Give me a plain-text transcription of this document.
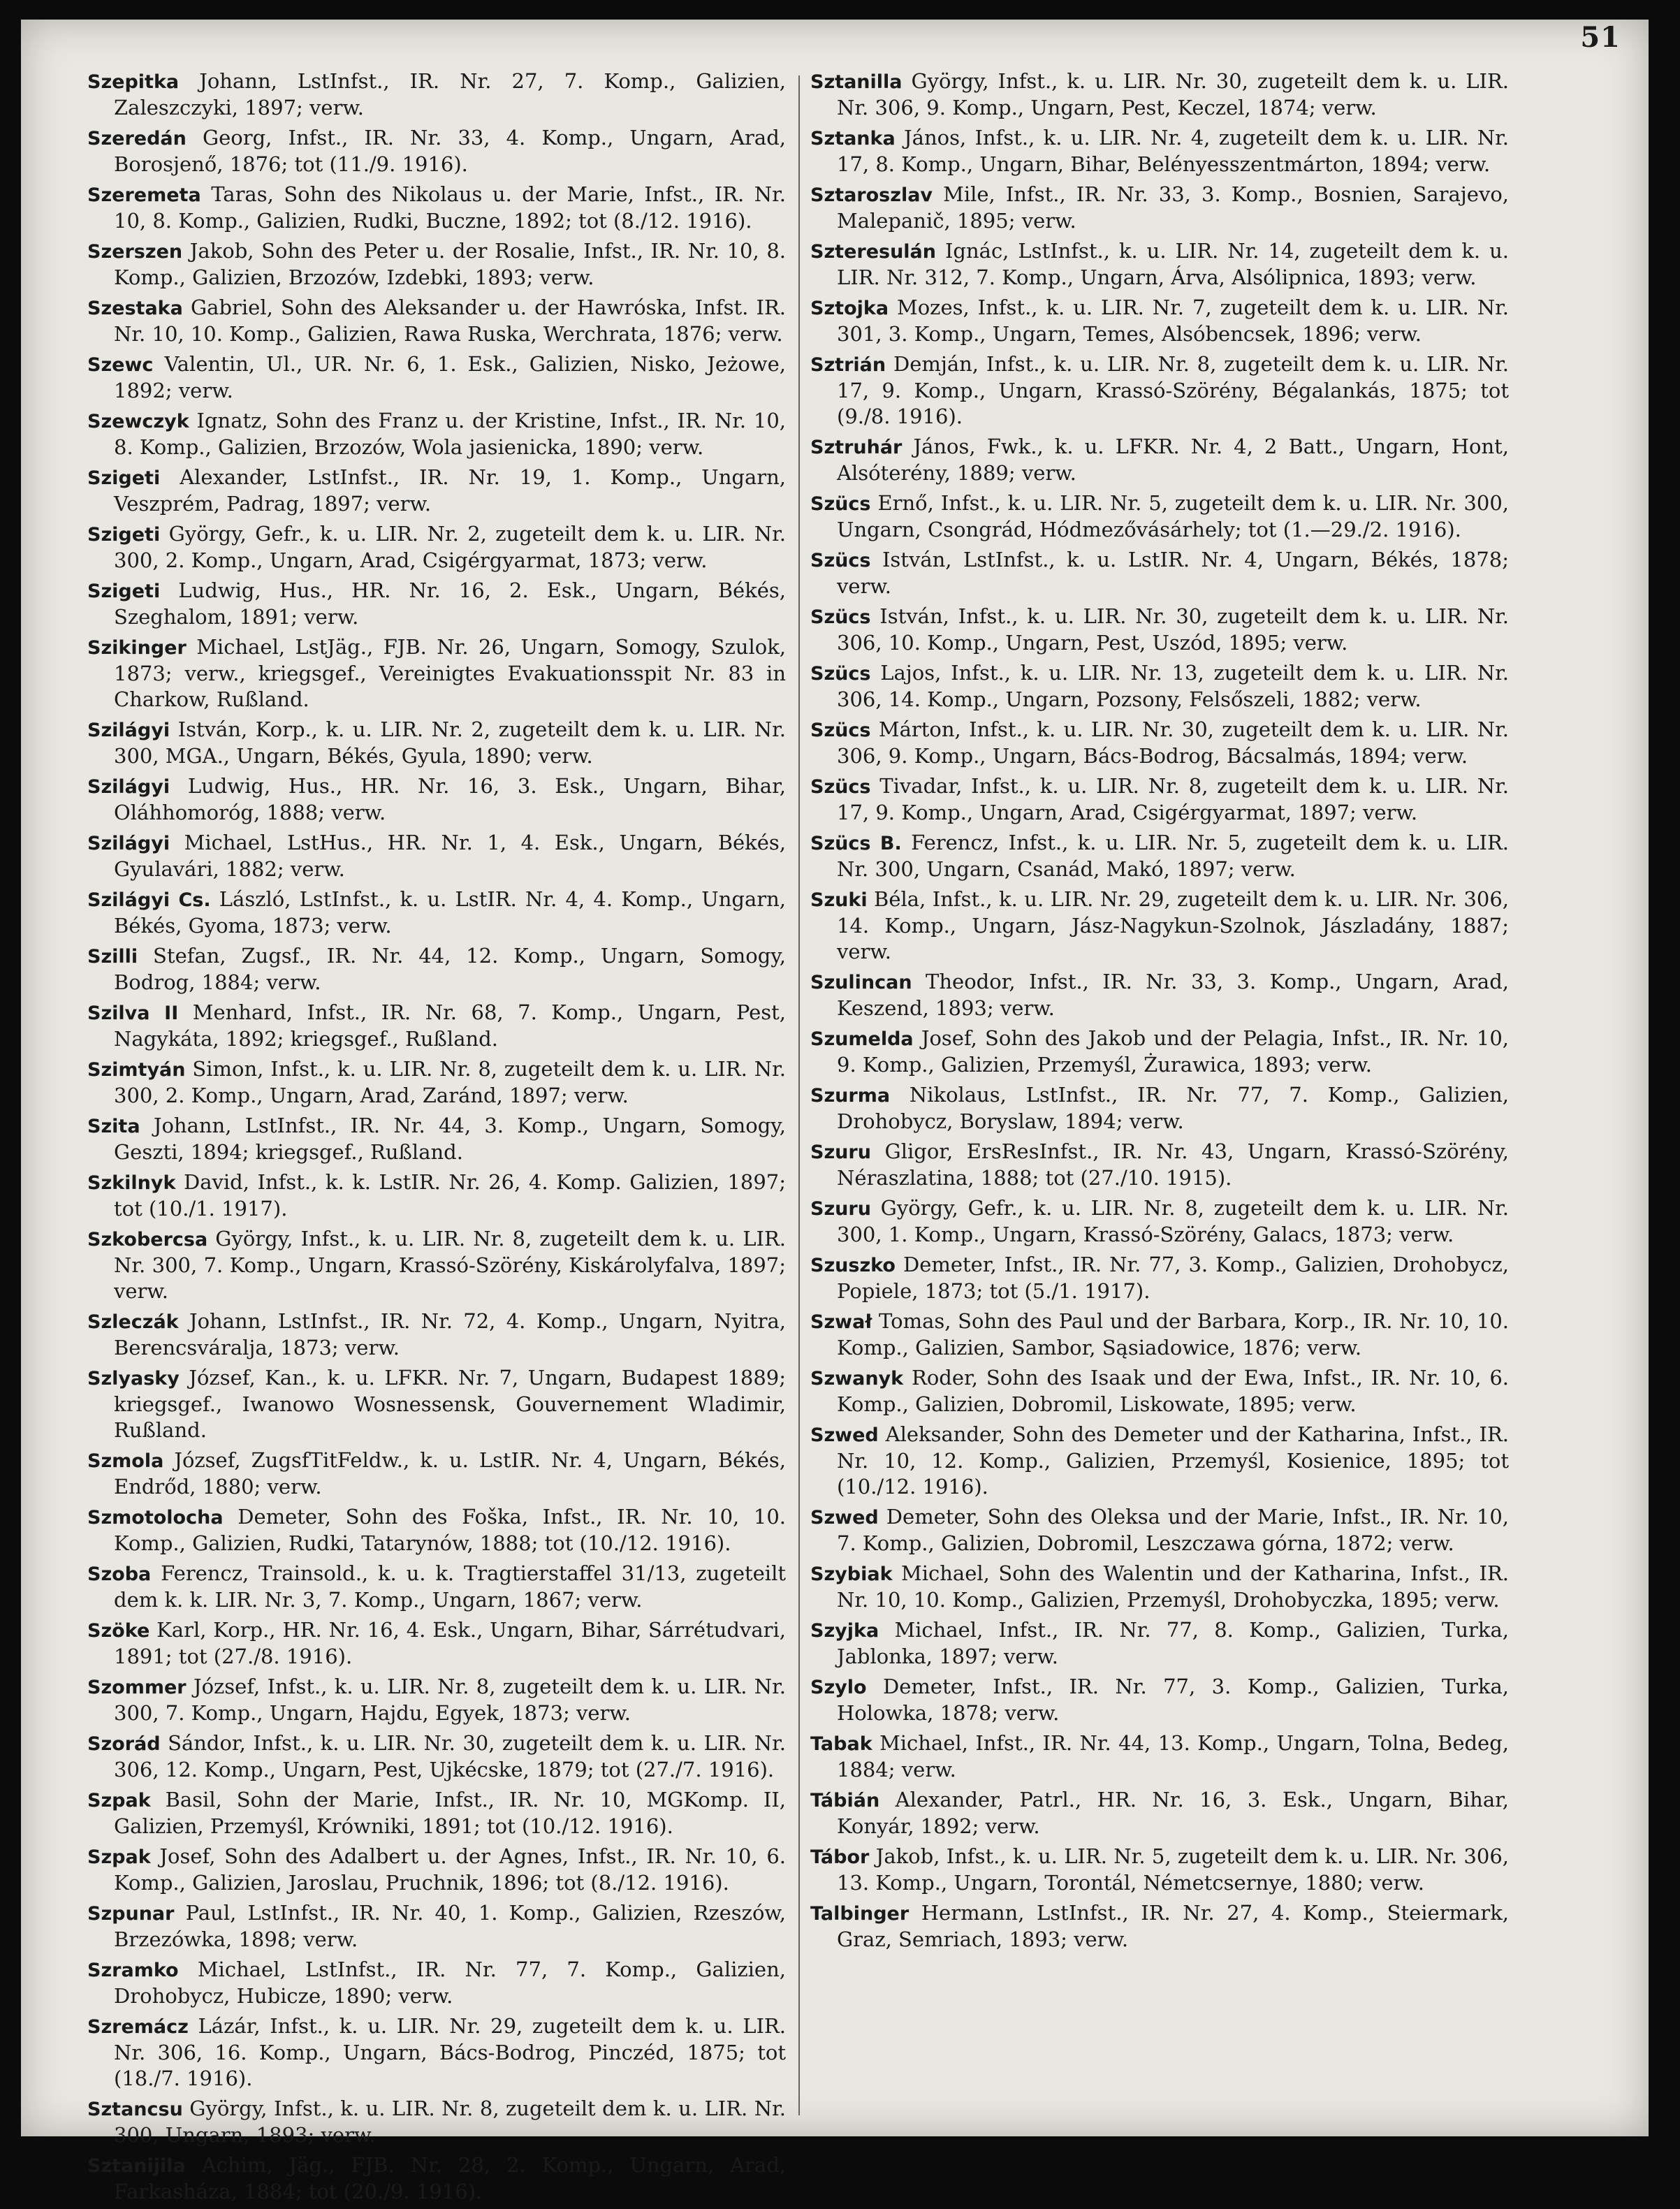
51

Szepitka Johann, LstInfst., IR. Nr. 27, 7. Komp., Galizien, Zaleszczyki, 1897; verw.

Szeredán Georg, Infst., IR. Nr. 33, 4. Komp., Ungarn, Arad, Borosjenő, 1876; tot (11./9. 1916).

Szeremeta Taras, Sohn des Nikolaus u. der Marie, Infst., IR. Nr. 10, 8. Komp., Galizien, Rudki, Buczne, 1892; tot (8./12. 1916).

Szerszen Jakob, Sohn des Peter u. der Rosalie, Infst., IR. Nr. 10, 8. Komp., Galizien, Brzozów, Izdebki, 1893; verw.

Szestaka Gabriel, Sohn des Aleksander u. der Hawróska, Infst. IR. Nr. 10, 10. Komp., Galizien, Rawa Ruska, Werchrata, 1876; verw.

Szewc Valentin, Ul., UR. Nr. 6, 1. Esk., Galizien, Nisko, Jeżowe, 1892; verw.

Szewczyk Ignatz, Sohn des Franz u. der Kristine, Infst., IR. Nr. 10, 8. Komp., Galizien, Brzozów, Wola jasienicka, 1890; verw.

Szigeti Alexander, LstInfst., IR. Nr. 19, 1. Komp., Ungarn, Veszprém, Padrag, 1897; verw.

Szigeti György, Gefr., k. u. LIR. Nr. 2, zugeteilt dem k. u. LIR. Nr. 300, 2. Komp., Ungarn, Arad, Csigérgyarmat, 1873; verw.

Szigeti Ludwig, Hus., HR. Nr. 16, 2. Esk., Ungarn, Békés, Szeghalom, 1891; verw.

Szikinger Michael, LstJäg., FJB. Nr. 26, Ungarn, Somogy, Szulok, 1873; verw., kriegsgef., Vereinigtes Evakuationsspit Nr. 83 in Charkow, Rußland.

Szilágyi István, Korp., k. u. LIR. Nr. 2, zugeteilt dem k. u. LIR. Nr. 300, MGA., Ungarn, Békés, Gyula, 1890; verw.

Szilágyi Ludwig, Hus., HR. Nr. 16, 3. Esk., Ungarn, Bihar, Oláhhomoróg, 1888; verw.

Szilágyi Michael, LstHus., HR. Nr. 1, 4. Esk., Ungarn, Békés, Gyulavári, 1882; verw.

Szilágyi Cs. László, LstInfst., k. u. LstIR. Nr. 4, 4. Komp., Ungarn, Békés, Gyoma, 1873; verw.

Szilli Stefan, Zugsf., IR. Nr. 44, 12. Komp., Ungarn, Somogy, Bodrog, 1884; verw.

Szilva II Menhard, Infst., IR. Nr. 68, 7. Komp., Ungarn, Pest, Nagykáta, 1892; kriegsgef., Rußland.

Szimtyán Simon, Infst., k. u. LIR. Nr. 8, zugeteilt dem k. u. LIR. Nr. 300, 2. Komp., Ungarn, Arad, Zaránd, 1897; verw.

Szita Johann, LstInfst., IR. Nr. 44, 3. Komp., Ungarn, Somogy, Geszti, 1894; kriegsgef., Rußland.

Szkilnyk David, Infst., k. k. LstIR. Nr. 26, 4. Komp. Galizien, 1897; tot (10./1. 1917).

Szkobercsa György, Infst., k. u. LIR. Nr. 8, zugeteilt dem k. u. LIR. Nr. 300, 7. Komp., Ungarn, Krassó-Szörény, Kiskárolyfalva, 1897; verw.

Szleczák Johann, LstInfst., IR. Nr. 72, 4. Komp., Ungarn, Nyitra, Berencsváralja, 1873; verw.

Szlyasky József, Kan., k. u. LFKR. Nr. 7, Ungarn, Budapest 1889; kriegsgef., Iwanowo Wosnessensk, Gouvernement Wladimir, Rußland.

Szmola József, ZugsfTitFeldw., k. u. LstIR. Nr. 4, Ungarn, Békés, Endrőd, 1880; verw.

Szmotolocha Demeter, Sohn des Foška, Infst., IR. Nr. 10, 10. Komp., Galizien, Rudki, Tatarynów, 1888; tot (10./12. 1916).

Szoba Ferencz, Trainsold., k. u. k. Tragtierstaffel 31/13, zugeteilt dem k. k. LIR. Nr. 3, 7. Komp., Ungarn, 1867; verw.

Szöke Karl, Korp., HR. Nr. 16, 4. Esk., Ungarn, Bihar, Sárrétudvari, 1891; tot (27./8. 1916).

Szommer József, Infst., k. u. LIR. Nr. 8, zugeteilt dem k. u. LIR. Nr. 300, 7. Komp., Ungarn, Hajdu, Egyek, 1873; verw.

Szorád Sándor, Infst., k. u. LIR. Nr. 30, zugeteilt dem k. u. LIR. Nr. 306, 12. Komp., Ungarn, Pest, Ujkécske, 1879; tot (27./7. 1916).

Szpak Basil, Sohn der Marie, Infst., IR. Nr. 10, MGKomp. II, Galizien, Przemyśl, Krówniki, 1891; tot (10./12. 1916).

Szpak Josef, Sohn des Adalbert u. der Agnes, Infst., IR. Nr. 10, 6. Komp., Galizien, Jaroslau, Pruchnik, 1896; tot (8./12. 1916).

Szpunar Paul, LstInfst., IR. Nr. 40, 1. Komp., Galizien, Rzeszów, Brzezówka, 1898; verw.

Szramko Michael, LstInfst., IR. Nr. 77, 7. Komp., Galizien, Drohobycz, Hubicze, 1890; verw.

Szremácz Lázár, Infst., k. u. LIR. Nr. 29, zugeteilt dem k. u. LIR. Nr. 306, 16. Komp., Ungarn, Bács-Bodrog, Pinczéd, 1875; tot (18./7. 1916).

Sztancsu György, Infst., k. u. LIR. Nr. 8, zugeteilt dem k. u. LIR. Nr. 300, Ungarn, 1893; verw.

Sztanijila Achim, Jäg., FJB. Nr. 28, 2. Komp., Ungarn, Arad, Farkasháza, 1884; tot (20./9. 1916).

Sztanilla György, Infst., k. u. LIR. Nr. 30, zugeteilt dem k. u. LIR. Nr. 306, 9. Komp., Ungarn, Pest, Keczel, 1874; verw.

Sztanka János, Infst., k. u. LIR. Nr. 4, zugeteilt dem k. u. LIR. Nr. 17, 8. Komp., Ungarn, Bihar, Belényesszentmárton, 1894; verw.

Sztaroszlav Mile, Infst., IR. Nr. 33, 3. Komp., Bosnien, Sarajevo, Malepanič, 1895; verw.

Szteresulán Ignác, LstInfst., k. u. LIR. Nr. 14, zugeteilt dem k. u. LIR. Nr. 312, 7. Komp., Ungarn, Árva, Alsólipnica, 1893; verw.

Sztojka Mozes, Infst., k. u. LIR. Nr. 7, zugeteilt dem k. u. LIR. Nr. 301, 3. Komp., Ungarn, Temes, Alsóbencsek, 1896; verw.

Sztrián Demján, Infst., k. u. LIR. Nr. 8, zugeteilt dem k. u. LIR. Nr. 17, 9. Komp., Ungarn, Krassó-Szörény, Bégalankás, 1875; tot (9./8. 1916).

Sztruhár János, Fwk., k. u. LFKR. Nr. 4, 2 Batt., Ungarn, Hont, Alsóterény, 1889; verw.

Szücs Ernő, Infst., k. u. LIR. Nr. 5, zugeteilt dem k. u. LIR. Nr. 300, Ungarn, Csongrád, Hódmezővásárhely; tot (1.—29./2. 1916).

Szücs István, LstInfst., k. u. LstIR. Nr. 4, Ungarn, Békés, 1878; verw.

Szücs István, Infst., k. u. LIR. Nr. 30, zugeteilt dem k. u. LIR. Nr. 306, 10. Komp., Ungarn, Pest, Uszód, 1895; verw.

Szücs Lajos, Infst., k. u. LIR. Nr. 13, zugeteilt dem k. u. LIR. Nr. 306, 14. Komp., Ungarn, Pozsony, Felsőszeli, 1882; verw.

Szücs Márton, Infst., k. u. LIR. Nr. 30, zugeteilt dem k. u. LIR. Nr. 306, 9. Komp., Ungarn, Bács-Bodrog, Bácsalmás, 1894; verw.

Szücs Tivadar, Infst., k. u. LIR. Nr. 8, zugeteilt dem k. u. LIR. Nr. 17, 9. Komp., Ungarn, Arad, Csigérgyarmat, 1897; verw.

Szücs B. Ferencz, Infst., k. u. LIR. Nr. 5, zugeteilt dem k. u. LIR. Nr. 300, Ungarn, Csanád, Makó, 1897; verw.

Szuki Béla, Infst., k. u. LIR. Nr. 29, zugeteilt dem k. u. LIR. Nr. 306, 14. Komp., Ungarn, Jász-Nagykun-Szolnok, Jászladány, 1887; verw.

Szulincan Theodor, Infst., IR. Nr. 33, 3. Komp., Ungarn, Arad, Keszend, 1893; verw.

Szumelda Josef, Sohn des Jakob und der Pelagia, Infst., IR. Nr. 10, 9. Komp., Galizien, Przemyśl, Żurawica, 1893; verw.

Szurma Nikolaus, LstInfst., IR. Nr. 77, 7. Komp., Galizien, Drohobycz, Boryslaw, 1894; verw.

Szuru Gligor, ErsResInfst., IR. Nr. 43, Ungarn, Krassó-Szörény, Néraszlatina, 1888; tot (27./10. 1915).

Szuru György, Gefr., k. u. LIR. Nr. 8, zugeteilt dem k. u. LIR. Nr. 300, 1. Komp., Ungarn, Krassó-Szörény, Galacs, 1873; verw.

Szuszko Demeter, Infst., IR. Nr. 77, 3. Komp., Galizien, Drohobycz, Popiele, 1873; tot (5./1. 1917).

Szwał Tomas, Sohn des Paul und der Barbara, Korp., IR. Nr. 10, 10. Komp., Galizien, Sambor, Sąsiadowice, 1876; verw.

Szwanyk Roder, Sohn des Isaak und der Ewa, Infst., IR. Nr. 10, 6. Komp., Galizien, Dobromil, Liskowate, 1895; verw.

Szwed Aleksander, Sohn des Demeter und der Katharina, Infst., IR. Nr. 10, 12. Komp., Galizien, Przemyśl, Kosienice, 1895; tot (10./12. 1916).

Szwed Demeter, Sohn des Oleksa und der Marie, Infst., IR. Nr. 10, 7. Komp., Galizien, Dobromil, Leszczawa górna, 1872; verw.

Szybiak Michael, Sohn des Walentin und der Katharina, Infst., IR. Nr. 10, 10. Komp., Galizien, Przemyśl, Drohobyczka, 1895; verw.

Szyjka Michael, Infst., IR. Nr. 77, 8. Komp., Galizien, Turka, Jablonka, 1897; verw.

Szylo Demeter, Infst., IR. Nr. 77, 3. Komp., Galizien, Turka, Holowka, 1878; verw.

Tabak Michael, Infst., IR. Nr. 44, 13. Komp., Ungarn, Tolna, Bedeg, 1884; verw.

Tábián Alexander, Patrl., HR. Nr. 16, 3. Esk., Ungarn, Bihar, Konyár, 1892; verw.

Tábor Jakob, Infst., k. u. LIR. Nr. 5, zugeteilt dem k. u. LIR. Nr. 306, 13. Komp., Ungarn, Torontál, Németcsernye, 1880; verw.

Talbinger Hermann, LstInfst., IR. Nr. 27, 4. Komp., Steiermark, Graz, Semriach, 1893; verw.
